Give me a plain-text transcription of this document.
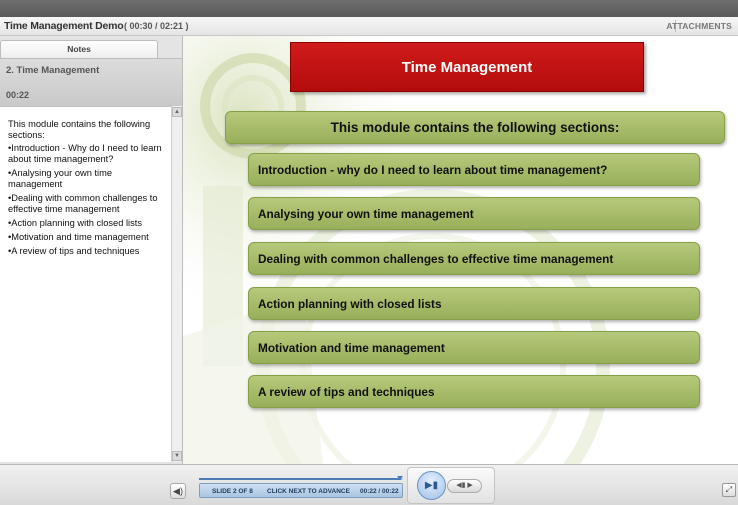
Time Management Demo ( 00:30 / 02:21 )	ATTACHMENTS
Notes
2. Time Management
00:22
This module contains the following sections:
•Introduction - Why do I need to learn about time management?
•Analysing your own time management
•Dealing with common challenges to effective time management
•Action planning with closed lists
•Motivation and time management
•A review of tips and techniques
▲
▼
Time Management
This module contains the following sections:
Introduction - why do I need to learn about time management?
Analysing your own time management
Dealing with common challenges to effective time management
Action planning with closed lists
Motivation and time management
A review of tips and techniques
◀)	SLIDE 2 OF 8 CLICK NEXT TO ADVANCE 00:22 / 00:22
▶▮	◀▮ ▶	⤢
